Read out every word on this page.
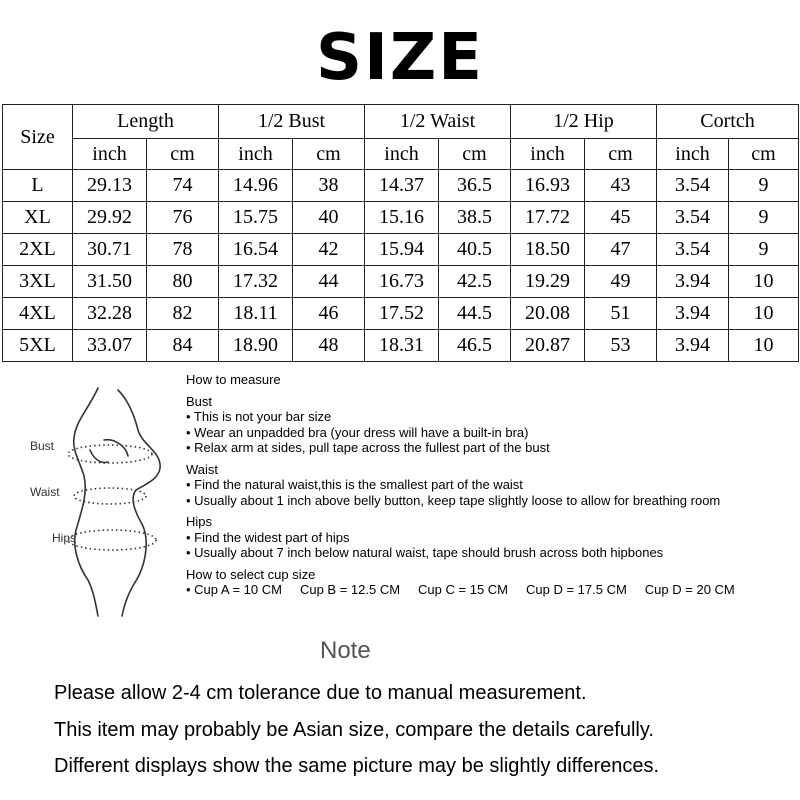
SIZE
Size	Length		1/2 Bust		1/2 Waist		1/2 Hip		Cortch	
	inch	cm	inch	cm	inch	cm	inch	cm	inch	cm
L	29.13	74	14.96	38	14.37	36.5	16.93	43	3.54	9
XL	29.92	76	15.75	40	15.16	38.5	17.72	45	3.54	9
2XL	30.71	78	16.54	42	15.94	40.5	18.50	47	3.54	9
3XL	31.50	80	17.32	44	16.73	42.5	19.29	49	3.94	10
4XL	32.28	82	18.11	46	17.52	44.5	20.08	51	3.94	10
5XL	33.07	84	18.90	48	18.31	46.5	20.87	53	3.94	10
Bust
Waist
Hips

How to measure

Bust

• This is not your bar size

• Wear an unpadded bra (your dress will have a built-in bra)

• Relax arm at sides, pull tape across the fullest part of the bust

Waist

• Find the natural waist,this is the smallest part of the waist

• Usually about 1 inch above belly button, keep tape slightly loose to allow for breathing room

Hips

• Find the widest part of hips

• Usually about 7 inch below natural waist, tape should brush across both hipbones

How to select cup size

• Cup A = 10 CM Cup B = 12.5 CM Cup C = 15 CM Cup D = 17.5 CM Cup D = 20 CM
Note

Please allow 2-4 cm tolerance due to manual measurement.

This item may probably be Asian size, compare the details carefully.

Different displays show the same picture may be slightly differences.
